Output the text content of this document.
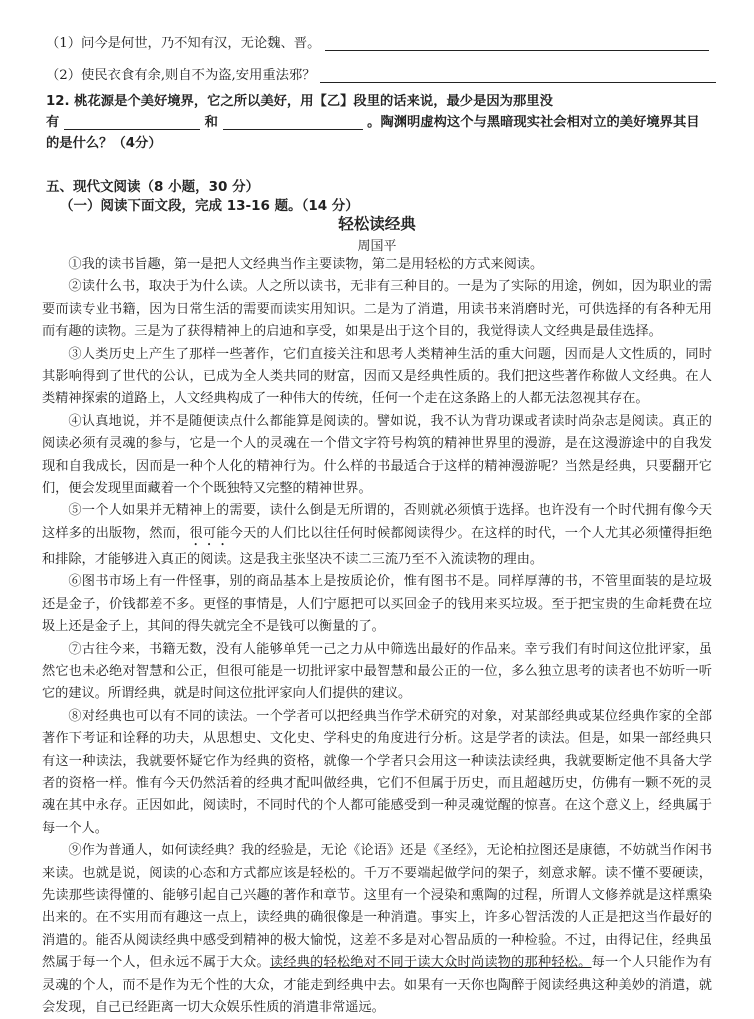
（1）问今是何世，乃不知有汉，无论魏、晋。
（2）使民衣食有余,则自不为盗,安用重法邪？
12. 桃花源是个美好境界，它之所以美好，用【乙】段里的话来说，最少是因为那里没
有	和	。陶渊明虚构这个与黑暗现实社会相对立的美好境界其目
的是什么？（4分）
五、现代文阅读（8 小题，30 分）
（一）阅读下面文段，完成 13-16 题。（14 分）
轻松读经典
周国平

①我的读书旨趣，第一是把人文经典当作主要读物，第二是用轻松的方式来阅读。

②读什么书，取决于为什么读。人之所以读书，无非有三种目的。一是为了实际的用途，例如，因为职业的需要而读专业书籍，因为日常生活的需要而读实用知识。二是为了消遣，用读书来消磨时光，可供选择的有各种无用而有趣的读物。三是为了获得精神上的启迪和享受，如果是出于这个目的，我觉得读人文经典是最佳选择。

③人类历史上产生了那样一些著作，它们直接关注和思考人类精神生活的重大问题，因而是人文性质的，同时其影响得到了世代的公认，已成为全人类共同的财富，因而又是经典性质的。我们把这些著作称做人文经典。在人类精神探索的道路上，人文经典构成了一种伟大的传统，任何一个走在这条路上的人都无法忽视其存在。

④认真地说，并不是随便读点什么都能算是阅读的。譬如说，我不认为背功课或者读时尚杂志是阅读。真正的阅读必须有灵魂的参与，它是一个人的灵魂在一个借文字符号构筑的精神世界里的漫游，是在这漫游途中的自我发现和自我成长，因而是一种个人化的精神行为。什么样的书最适合于这样的精神漫游呢？当然是经典，只要翻开它们，便会发现里面藏着一个个既独特又完整的精神世界。

⑤一个人如果并无精神上的需要，读什么倒是无所谓的，否则就必须慎于选择。也许没有一个时代拥有像今天这样多的出版物，然而，很可能今天的人们比以往任何时候都阅读得少。在这样的时代，一个人尤其必须懂得拒绝和排除，才能够进入真正的阅读。这是我主张坚决不读二三流乃至不入流读物的理由。

⑥图书市场上有一件怪事，别的商品基本上是按质论价，惟有图书不是。同样厚薄的书，不管里面装的是垃圾还是金子，价钱都差不多。更怪的事情是，人们宁愿把可以买回金子的钱用来买垃圾。至于把宝贵的生命耗费在垃圾上还是金子上，其间的得失就完全不是钱可以衡量的了。

⑦古往今来，书籍无数，没有人能够单凭一己之力从中筛选出最好的作品来。幸亏我们有时间这位批评家，虽然它也未必绝对智慧和公正，但很可能是一切批评家中最智慧和最公正的一位，多么独立思考的读者也不妨听一听它的建议。所谓经典，就是时间这位批评家向人们提供的建议。

⑧对经典也可以有不同的读法。一个学者可以把经典当作学术研究的对象，对某部经典或某位经典作家的全部著作下考证和诠释的功夫，从思想史、文化史、学科史的角度进行分析。这是学者的读法。但是，如果一部经典只有这一种读法，我就要怀疑它作为经典的资格，就像一个学者只会用这一种读法读经典，我就要断定他不具备大学者的资格一样。惟有今天仍然活着的经典才配叫做经典，它们不但属于历史，而且超越历史，仿佛有一颗不死的灵魂在其中永存。正因如此，阅读时，不同时代的个人都可能感受到一种灵魂觉醒的惊喜。在这个意义上，经典属于每一个人。

⑨作为普通人，如何读经典？我的经验是，无论《论语》还是《圣经》，无论柏拉图还是康德，不妨就当作闲书来读。也就是说，阅读的心态和方式都应该是轻松的。千万不要端起做学问的架子，刻意求解。读不懂不要硬读，先读那些读得懂的、能够引起自己兴趣的著作和章节。这里有一个浸染和熏陶的过程，所谓人文修养就是这样熏染出来的。在不实用而有趣这一点上，读经典的确很像是一种消遣。事实上，许多心智活泼的人正是把这当作最好的消遣的。能否从阅读经典中感受到精神的极大愉悦，这差不多是对心智品质的一种检验。不过，由得记住，经典虽然属于每一个人，但永远不属于大众。读经典的轻松绝对不同于读大众时尚读物的那种轻松。每一个人只能作为有灵魂的个人，而不是作为无个性的大众，才能走到经典中去。如果有一天你也陶醉于阅读经典这种美妙的消遣，就会发现，自己已经距离一切大众娱乐性质的消遣非常遥远。
